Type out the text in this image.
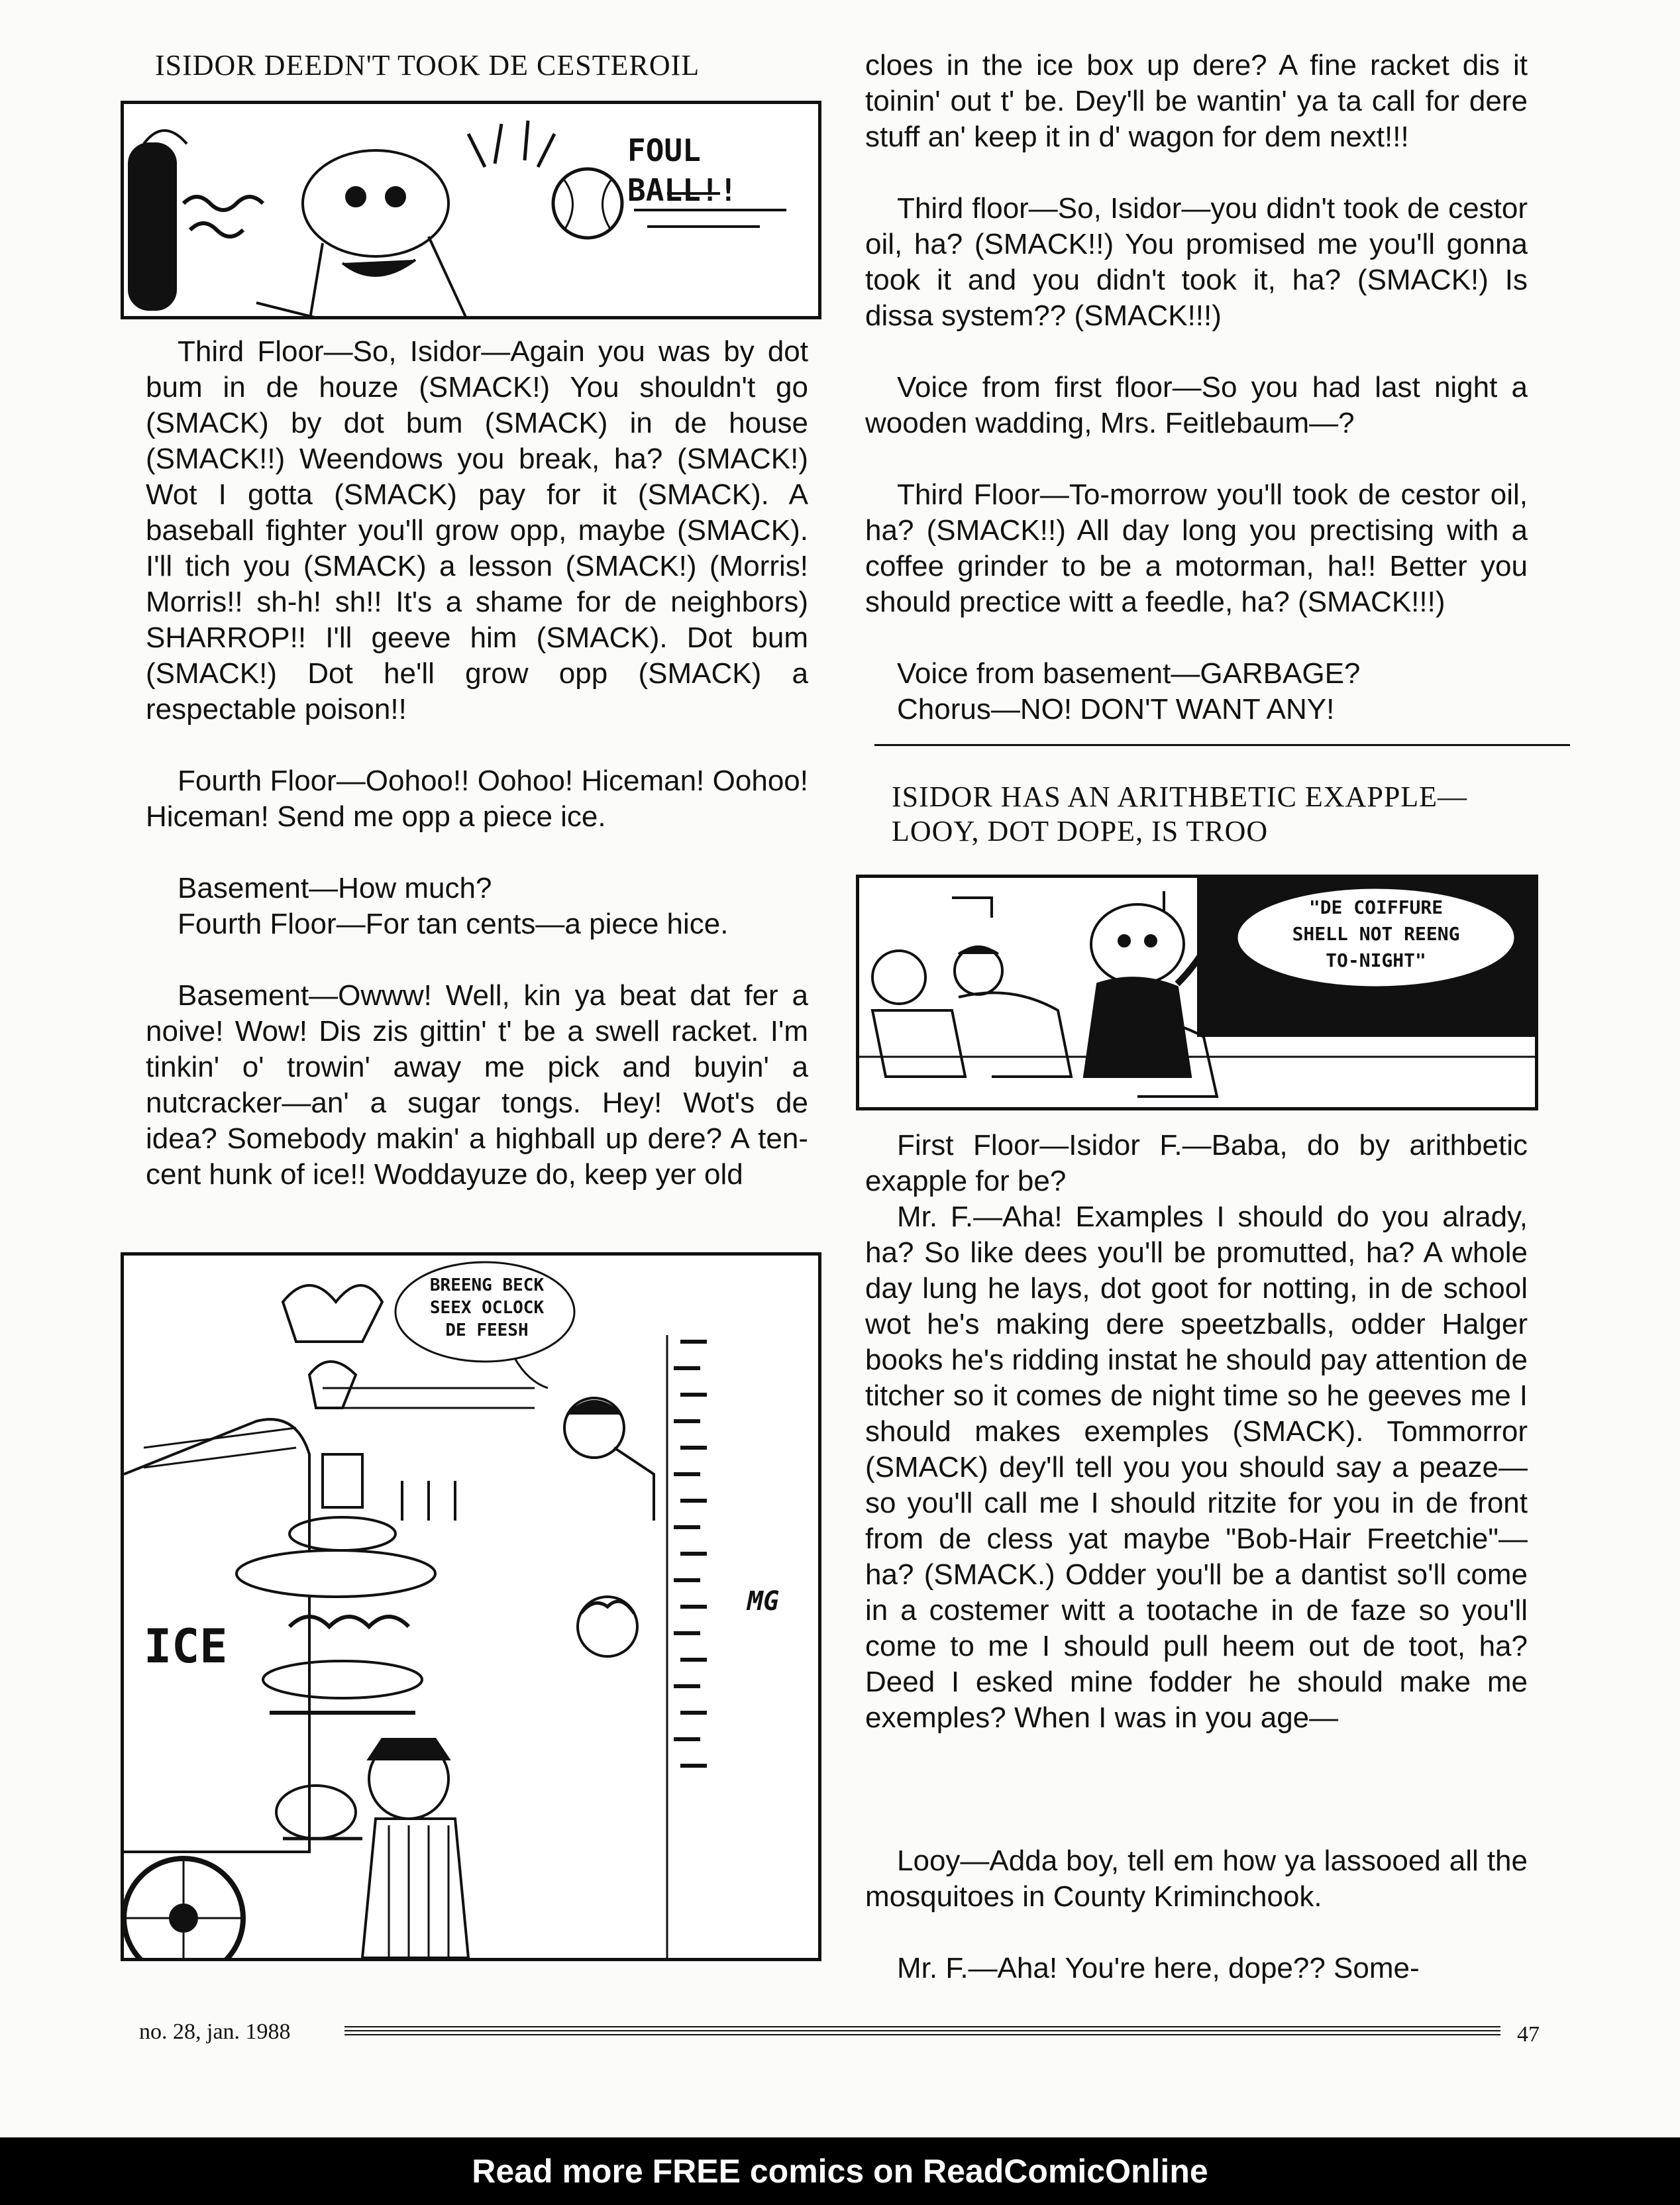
ISIDOR DEEDN'T TOOK DE CESTEROIL
FOUL
BALL!!

Third Floor—So, Isidor—Again you was by dot bum in de houze (SMACK!) You shouldn't go (SMACK) by dot bum (SMACK) in de house (SMACK!!) Weendows you break, ha? (SMACK!) Wot I gotta (SMACK) pay for it (SMACK). A baseball fighter you'll grow opp, maybe (SMACK). I'll tich you (SMACK) a lesson (SMACK!) (Morris! Morris!! sh-h! sh!! It's a shame for de neighbors) SHARROP!! I'll geeve him (SMACK). Dot bum (SMACK!) Dot he'll grow opp (SMACK) a respectable poison!!

Fourth Floor—Oohoo!! Oohoo! Hiceman! Oohoo! Hiceman! Send me opp a piece ice.

Basement—How much?

Fourth Floor—For tan cents—a piece hice.

Basement—Owww! Well, kin ya beat dat fer a noive! Wow! Dis zis gittin' t' be a swell racket. I'm tinkin' o' trowin' away me pick and buyin' a nutcracker—an' a sugar tongs. Hey! Wot's de idea? Somebody makin' a highball up dere? A ten-cent hunk of ice!! Woddayuze do, keep yer old

BREENG BECK
SEEX OCLOCK
DE FEESH
ICE
MG

cloes in the ice box up dere? A fine racket dis it toinin' out t' be. Dey'll be wantin' ya ta call for dere stuff an' keep it in d' wagon for dem next!!!

Third floor—So, Isidor—you didn't took de cestor oil, ha? (SMACK!!) You promised me you'll gonna took it and you didn't took it, ha? (SMACK!) Is dissa system?? (SMACK!!!)

Voice from first floor—So you had last night a wooden wadding, Mrs. Feitlebaum—?

Third Floor—To-morrow you'll took de cestor oil, ha? (SMACK!!) All day long you prectising with a coffee grinder to be a motorman, ha!! Better you should prectice witt a feedle, ha? (SMACK!!!)

Voice from basement—GARBAGE?

Chorus—NO! DON'T WANT ANY!

ISIDOR HAS AN ARITHBETIC EXAPPLE—
LOOY, DOT DOPE, IS TROO
"DE COIFFURE
SHELL NOT REENG
TO-NIGHT"

First Floor—Isidor F.—Baba, do by arithbetic exapple for be?

Mr. F.—Aha! Examples I should do you alrady, ha? So like dees you'll be promutted, ha? A whole day lung he lays, dot goot for notting, in de school wot he's making dere speetzballs, odder Halger books he's ridding instat he should pay attention de titcher so it comes de night time so he geeves me I should makes exemples (SMACK). Tommorror (SMACK) dey'll tell you you should say a peaze—so you'll call me I should ritzite for you in de front from de cless yat maybe "Bob-Hair Freetchie"—ha? (SMACK.) Odder you'll be a dantist so'll come in a costemer witt a tootache in de faze so you'll come to me I should pull heem out de toot, ha? Deed I esked mine fodder he should make me exemples? When I was in you age—

Looy—Adda boy, tell em how ya lassooed all the mosquitoes in County Kriminchook.

Mr. F.—Aha! You're here, dope?? Some-

no. 28, jan. 1988	47
Read more FREE comics on ReadComicOnline
